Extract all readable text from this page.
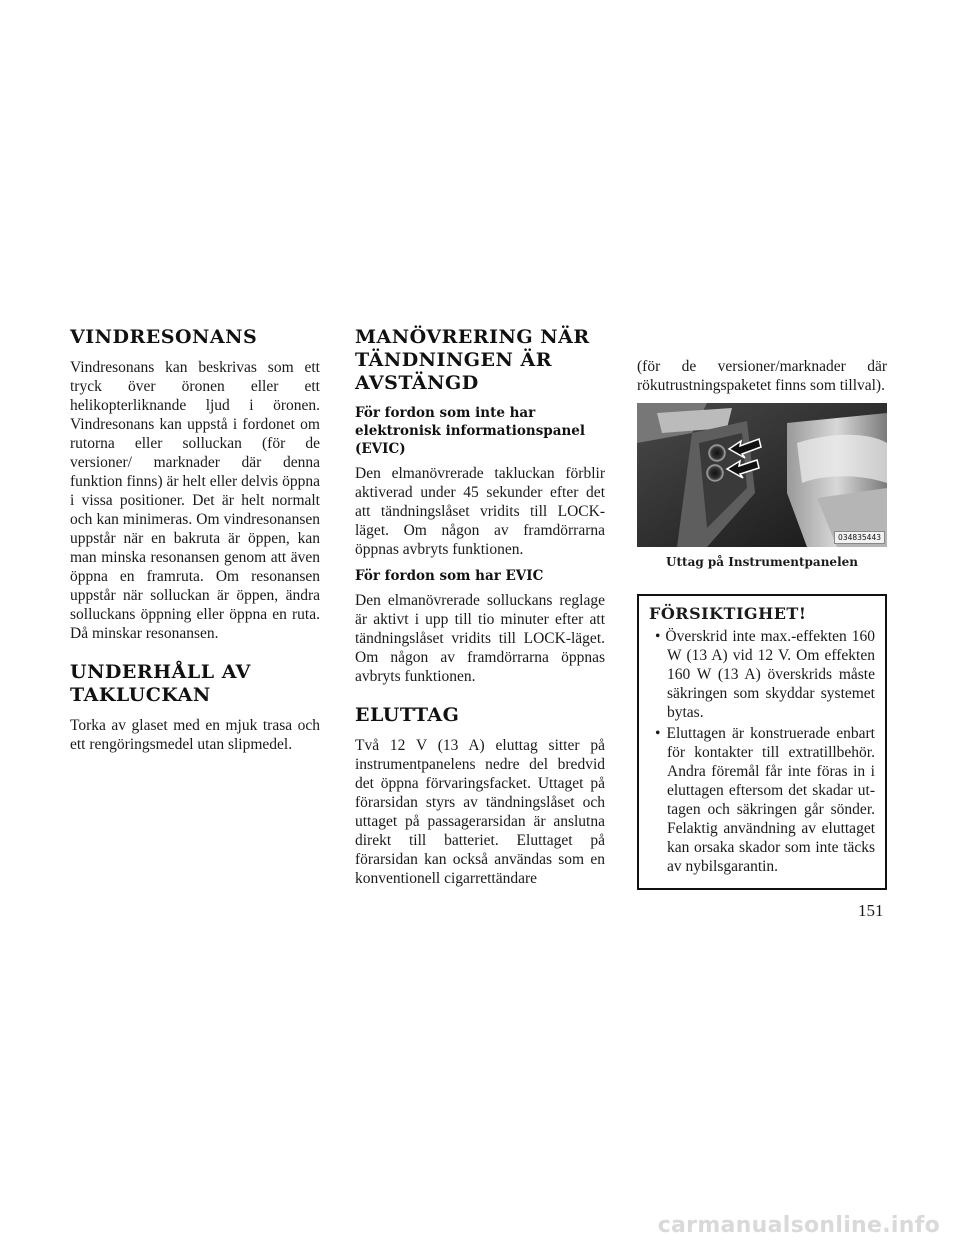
VINDRESONANS

Vindresonans kan beskrivas som ett tryck över öronen eller ett helikopterliknande ljud i öronen. Vindresonans kan uppstå i fordonet om rutorna eller solluckan (för de versioner/ marknader där denna funktion finns) är helt eller delvis öppna i vissa positioner. Det är helt normalt och kan minimeras. Om vindresonansen uppstår när en bakruta är öppen, kan man minska resonansen genom att även öppna en framruta. Om resonansen uppstår när solluckan är öppen, ändra solluckans öppning eller öppna en ruta. Då minskar resonansen.

UNDERHÅLL AV TAKLUCKAN

Torka av glaset med en mjuk trasa och ett rengöringsmedel utan slipmedel.

MANÖVRERING NÄR TÄNDNINGEN ÄR AVSTÄNGD
För fordon som inte har elektronisk informationspanel (EVIC)

Den elmanövrerade takluckan förblir aktiverad under 45 sekunder efter det att tändningslåset vridits till LOCK-läget. Om någon av framdörrarna öppnas avbryts funktionen.

För fordon som har EVIC

Den elmanövrerade solluckans reglage är aktivt i upp till tio minuter efter att tändningslåset vridits till LOCK-läget. Om någon av framdörrarna öppnas avbryts funktionen.

ELUTTAG

Två 12 V (13 A) eluttag sitter på instrumentpanelens nedre del bredvid det öppna förvaringsfacket. Uttaget på förarsidan styrs av tändningslåset och uttaget på passagerarsidan är anslutna direkt till batteriet. Eluttaget på förarsidan kan också användas som en konventionell cigarrettändare

(för de versioner/marknader där rökutrustningspaketet finns som tillval).

034835443
Uttag på Instrumentpanelen
FÖRSIKTIGHET!
• Överskrid inte max.-effekten 160 W (13 A) vid 12 V. Om effekten 160 W (13 A) överskrids måste säkringen som skyddar systemet bytas.
• Eluttagen är konstruerade enbart för kontakter till extratillbehör. Andra föremål får inte föras in i eluttagen eftersom det skadar uttagen och säkringen går sönder. Felaktig användning av eluttaget kan orsaka skador som inte täcks av nybilsgarantin.
151
carmanualsonline.info
